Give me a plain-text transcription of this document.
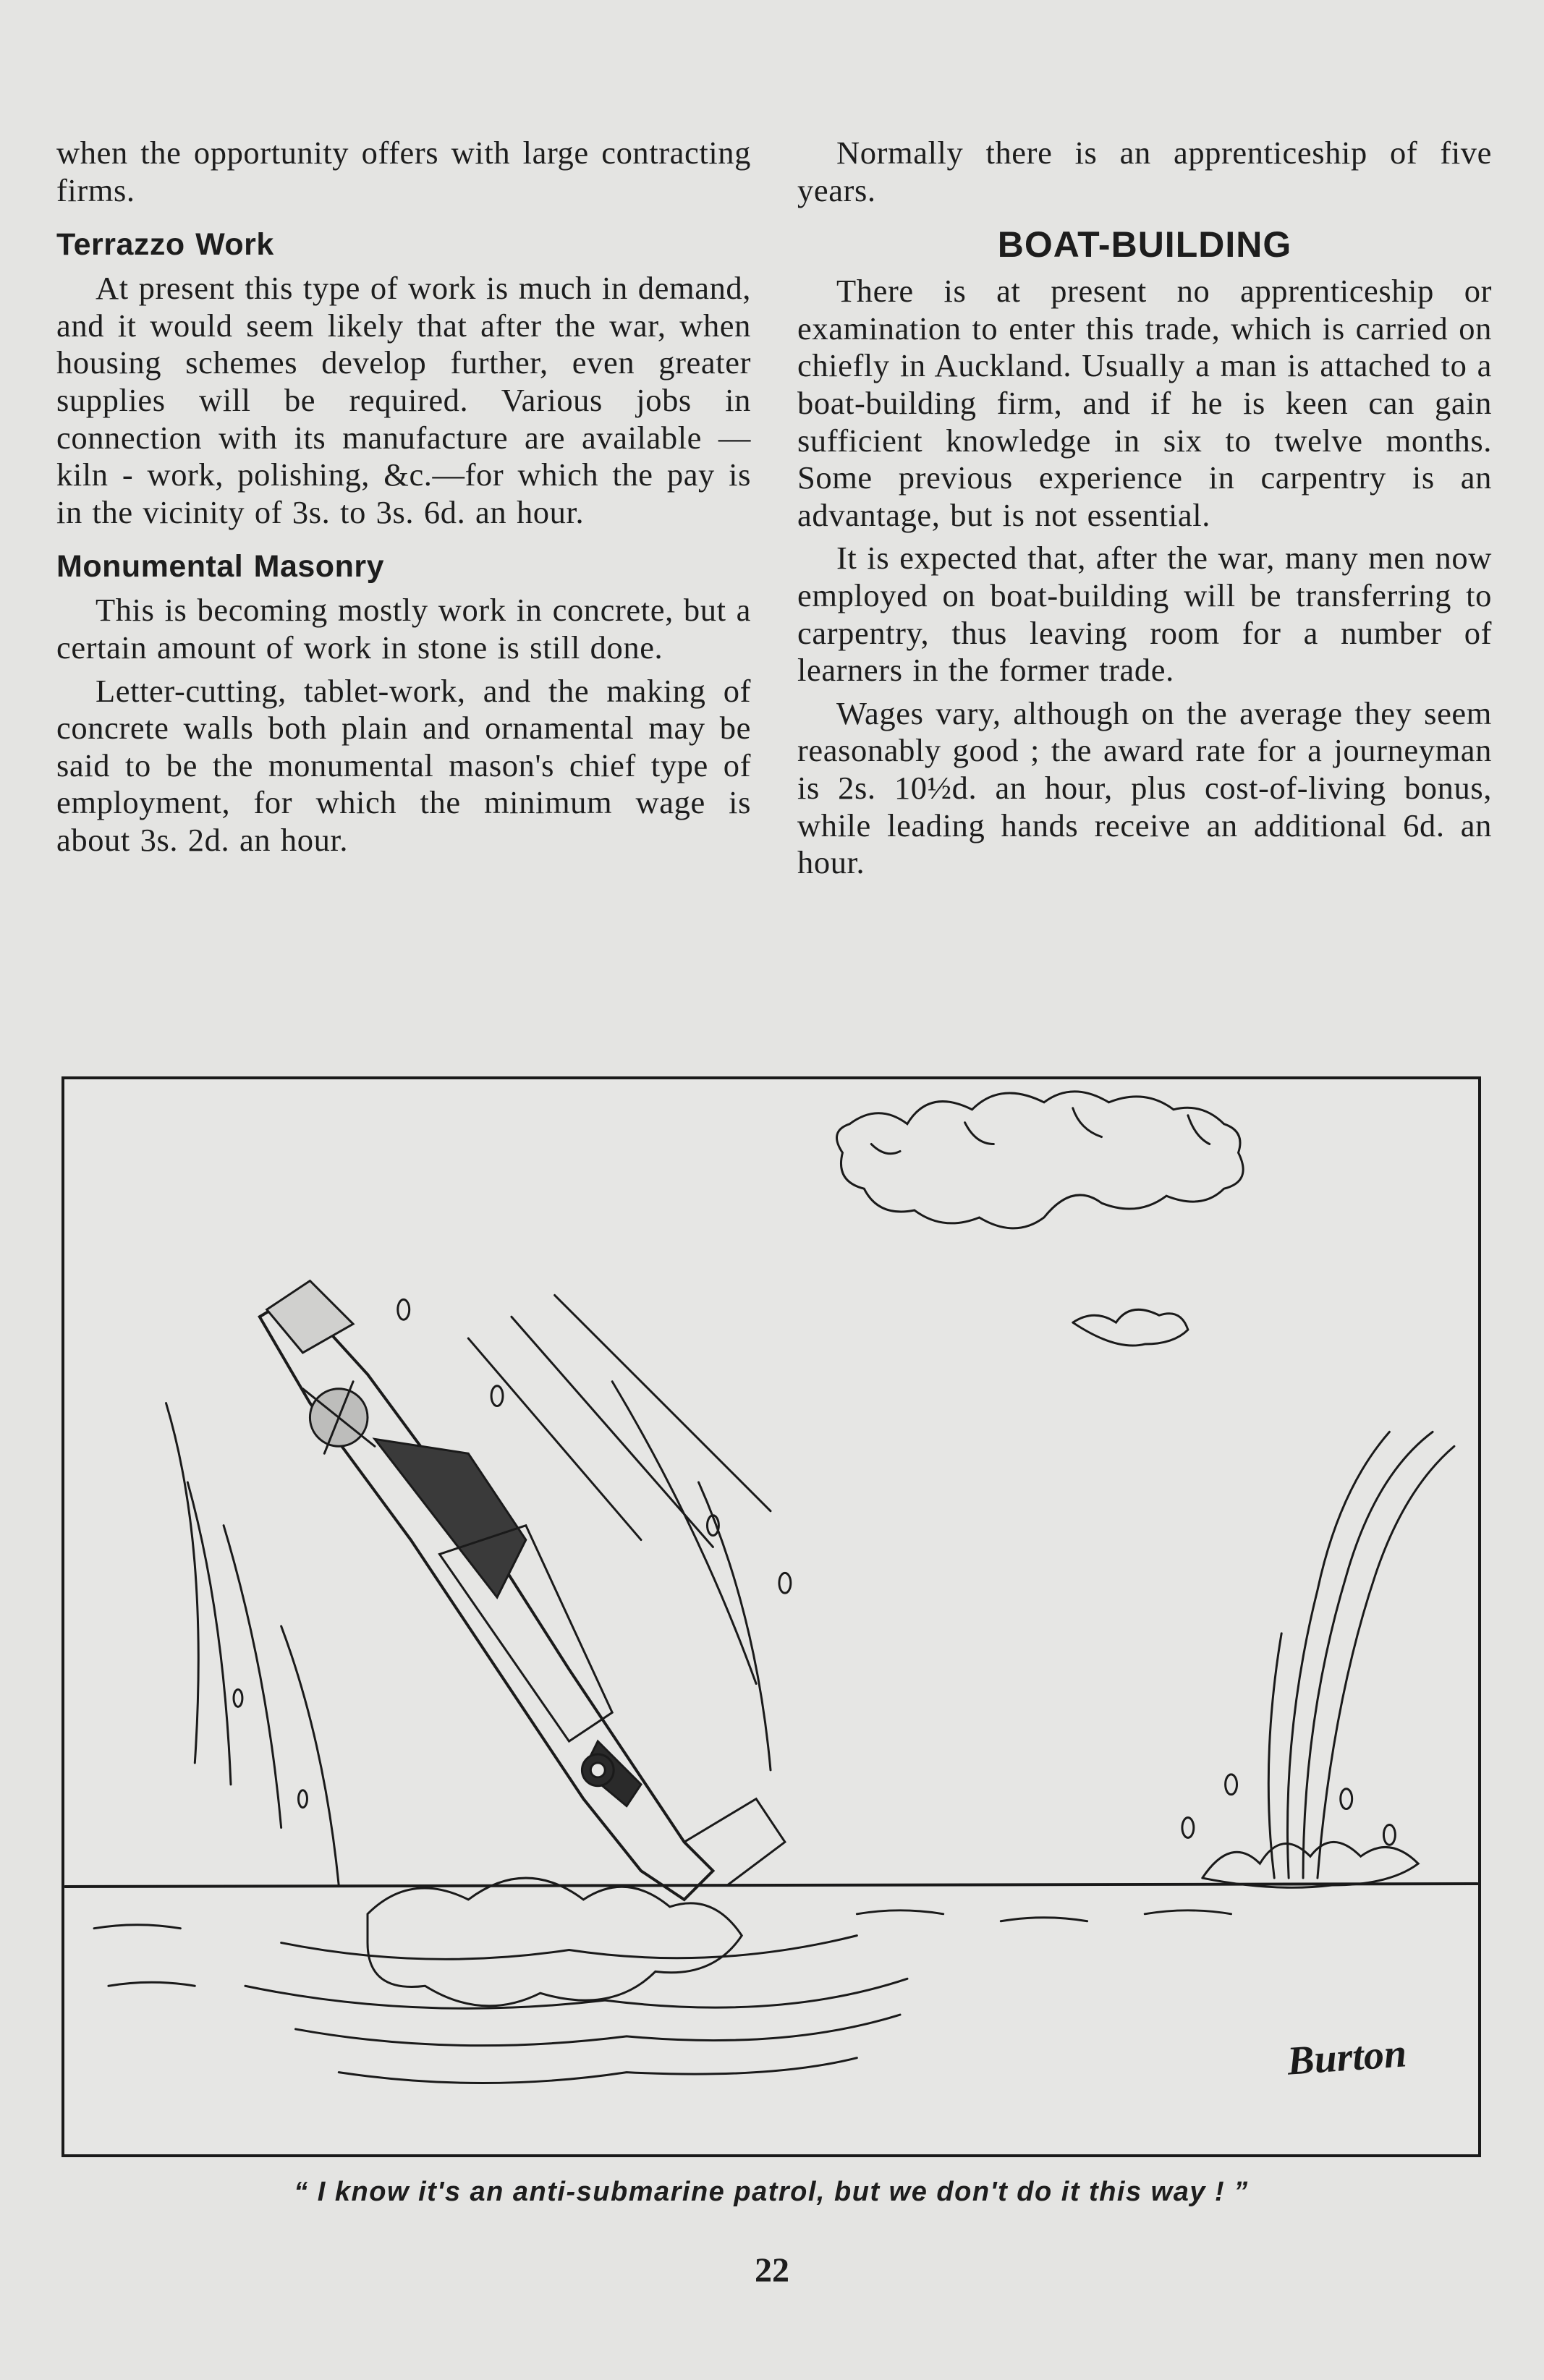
when the opportunity offers with large contracting firms.

Terrazzo Work

At present this type of work is much in demand, and it would seem likely that after the war, when housing schemes develop further, even greater supplies will be required. Various jobs in connection with its manufacture are available — kiln - work, polishing, &c.—for which the pay is in the vicinity of 3s. to 3s. 6d. an hour.

Monumental Masonry

This is becoming mostly work in concrete, but a certain amount of work in stone is still done.

Letter-cutting, tablet-work, and the making of concrete walls both plain and ornamental may be said to be the monumental mason's chief type of employment, for which the minimum wage is about 3s. 2d. an hour.

Normally there is an apprenticeship of five years.

BOAT-BUILDING

There is at present no apprenticeship or examination to enter this trade, which is carried on chiefly in Auckland. Usually a man is attached to a boat-building firm, and if he is keen can gain sufficient knowledge in six to twelve months. Some previous experience in carpentry is an advantage, but is not essential.

It is expected that, after the war, many men now employed on boat-building will be transferring to carpentry, thus leaving room for a number of learners in the former trade.

Wages vary, although on the average they seem reasonably good ; the award rate for a journeyman is 2s. 10½d. an hour, plus cost-of-living bonus, while leading hands receive an additional 6d. an hour.

Burton
“ I know it's an anti-submarine patrol, but we don't do it this way ! ”
22
